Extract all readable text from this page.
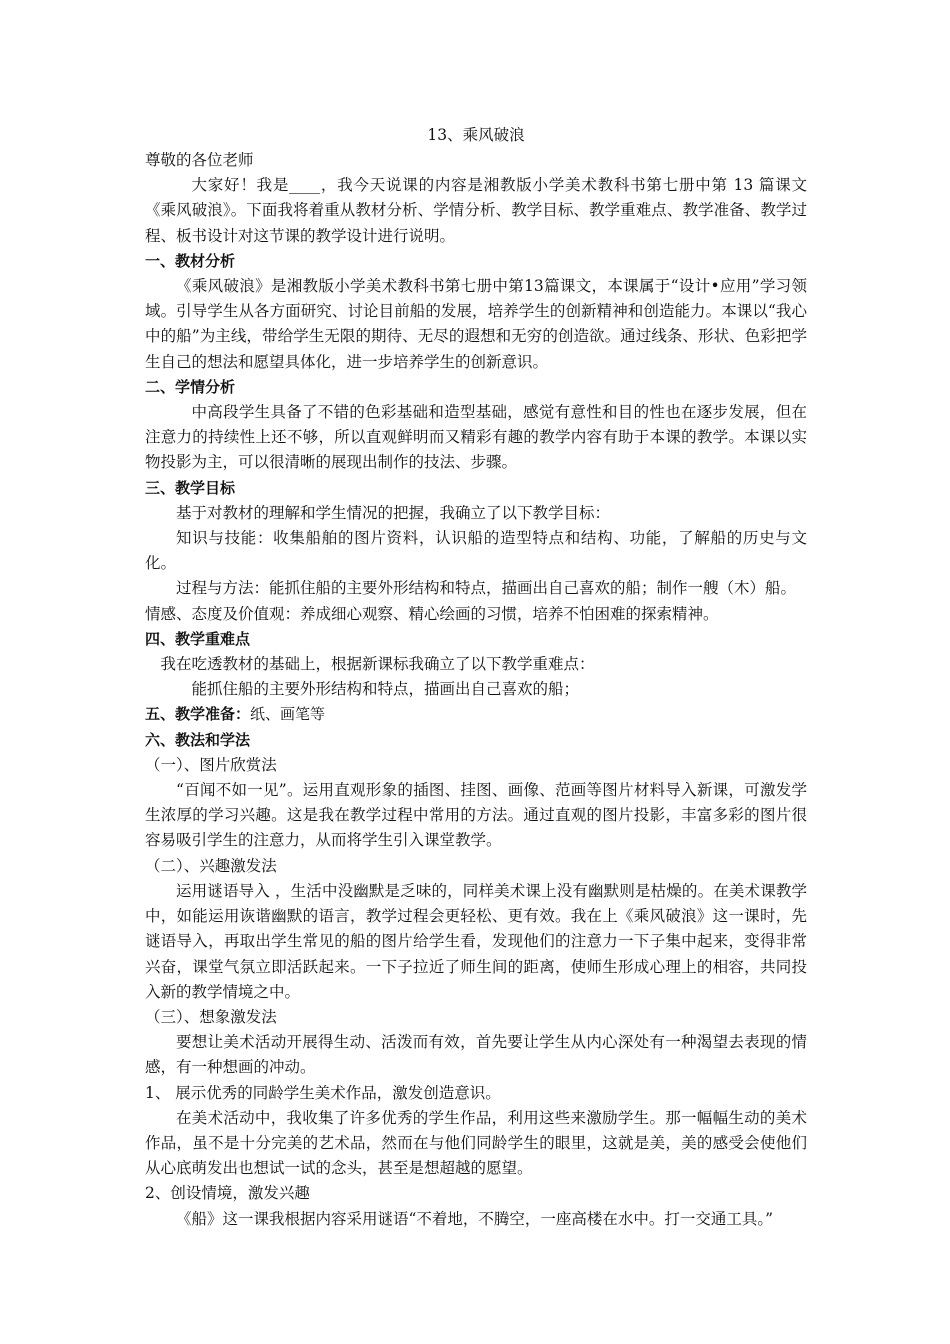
13、乘风破浪

尊敬的各位老师

大家好！我是____，我今天说课的内容是湘教版小学美术教科书第七册中第 13 篇课文《乘风破浪》。下面我将着重从教材分析、学情分析、教学目标、教学重难点、教学准备、教学过程、板书设计对这节课的教学设计进行说明。

一、教材分析

《乘风破浪》是湘教版小学美术教科书第七册中第13篇课文，本课属于“设计•应用”学习领域。引导学生从各方面研究、讨论目前船的发展，培养学生的创新精神和创造能力。本课以“我心中的船”为主线，带给学生无限的期待、无尽的遐想和无穷的创造欲。通过线条、形状、色彩把学生自己的想法和愿望具体化，进一步培养学生的创新意识。

二、学情分析

中高段学生具备了不错的色彩基础和造型基础，感觉有意性和目的性也在逐步发展，但在注意力的持续性上还不够，所以直观鲜明而又精彩有趣的教学内容有助于本课的教学。本课以实物投影为主，可以很清晰的展现出制作的技法、步骤。

三、教学目标

基于对教材的理解和学生情况的把握，我确立了以下教学目标：

知识与技能：收集船舶的图片资料，认识船的造型特点和结构、功能，了解船的历史与文化。

过程与方法：能抓住船的主要外形结构和特点，描画出自己喜欢的船；制作一艘（木）船。

情感、态度及价值观：养成细心观察、精心绘画的习惯，培养不怕困难的探索精神。

四、教学重难点

我在吃透教材的基础上，根据新课标我确立了以下教学重难点：

能抓住船的主要外形结构和特点，描画出自己喜欢的船；

五、教学准备：纸、画笔等

六、教法和学法

（一）、图片欣赏法

“百闻不如一见”。运用直观形象的插图、挂图、画像、范画等图片材料导入新课，可激发学生浓厚的学习兴趣。这是我在教学过程中常用的方法。通过直观的图片投影，丰富多彩的图片很容易吸引学生的注意力，从而将学生引入课堂教学。

（二）、兴趣激发法

运用谜语导入 ，生活中没幽默是乏味的，同样美术课上没有幽默则是枯燥的。在美术课教学中，如能运用诙谐幽默的语言，教学过程会更轻松、更有效。我在上《乘风破浪》这一课时，先谜语导入，再取出学生常见的船的图片给学生看，发现他们的注意力一下子集中起来，变得非常兴奋，课堂气氛立即活跃起来。一下子拉近了师生间的距离，使师生形成心理上的相容，共同投入新的教学情境之中。

（三）、想象激发法

要想让美术活动开展得生动、活泼而有效，首先要让学生从内心深处有一种渴望去表现的情感，有一种想画的冲动。

1、 展示优秀的同龄学生美术作品，激发创造意识。

在美术活动中，我收集了许多优秀的学生作品，利用这些来激励学生。那一幅幅生动的美术作品，虽不是十分完美的艺术品，然而在与他们同龄学生的眼里，这就是美，美的感受会使他们从心底萌发出也想试一试的念头，甚至是想超越的愿望。

2、创设情境，激发兴趣

《船》这一课我根据内容采用谜语“不着地，不腾空，一座高楼在水中。打一交通工具。”
